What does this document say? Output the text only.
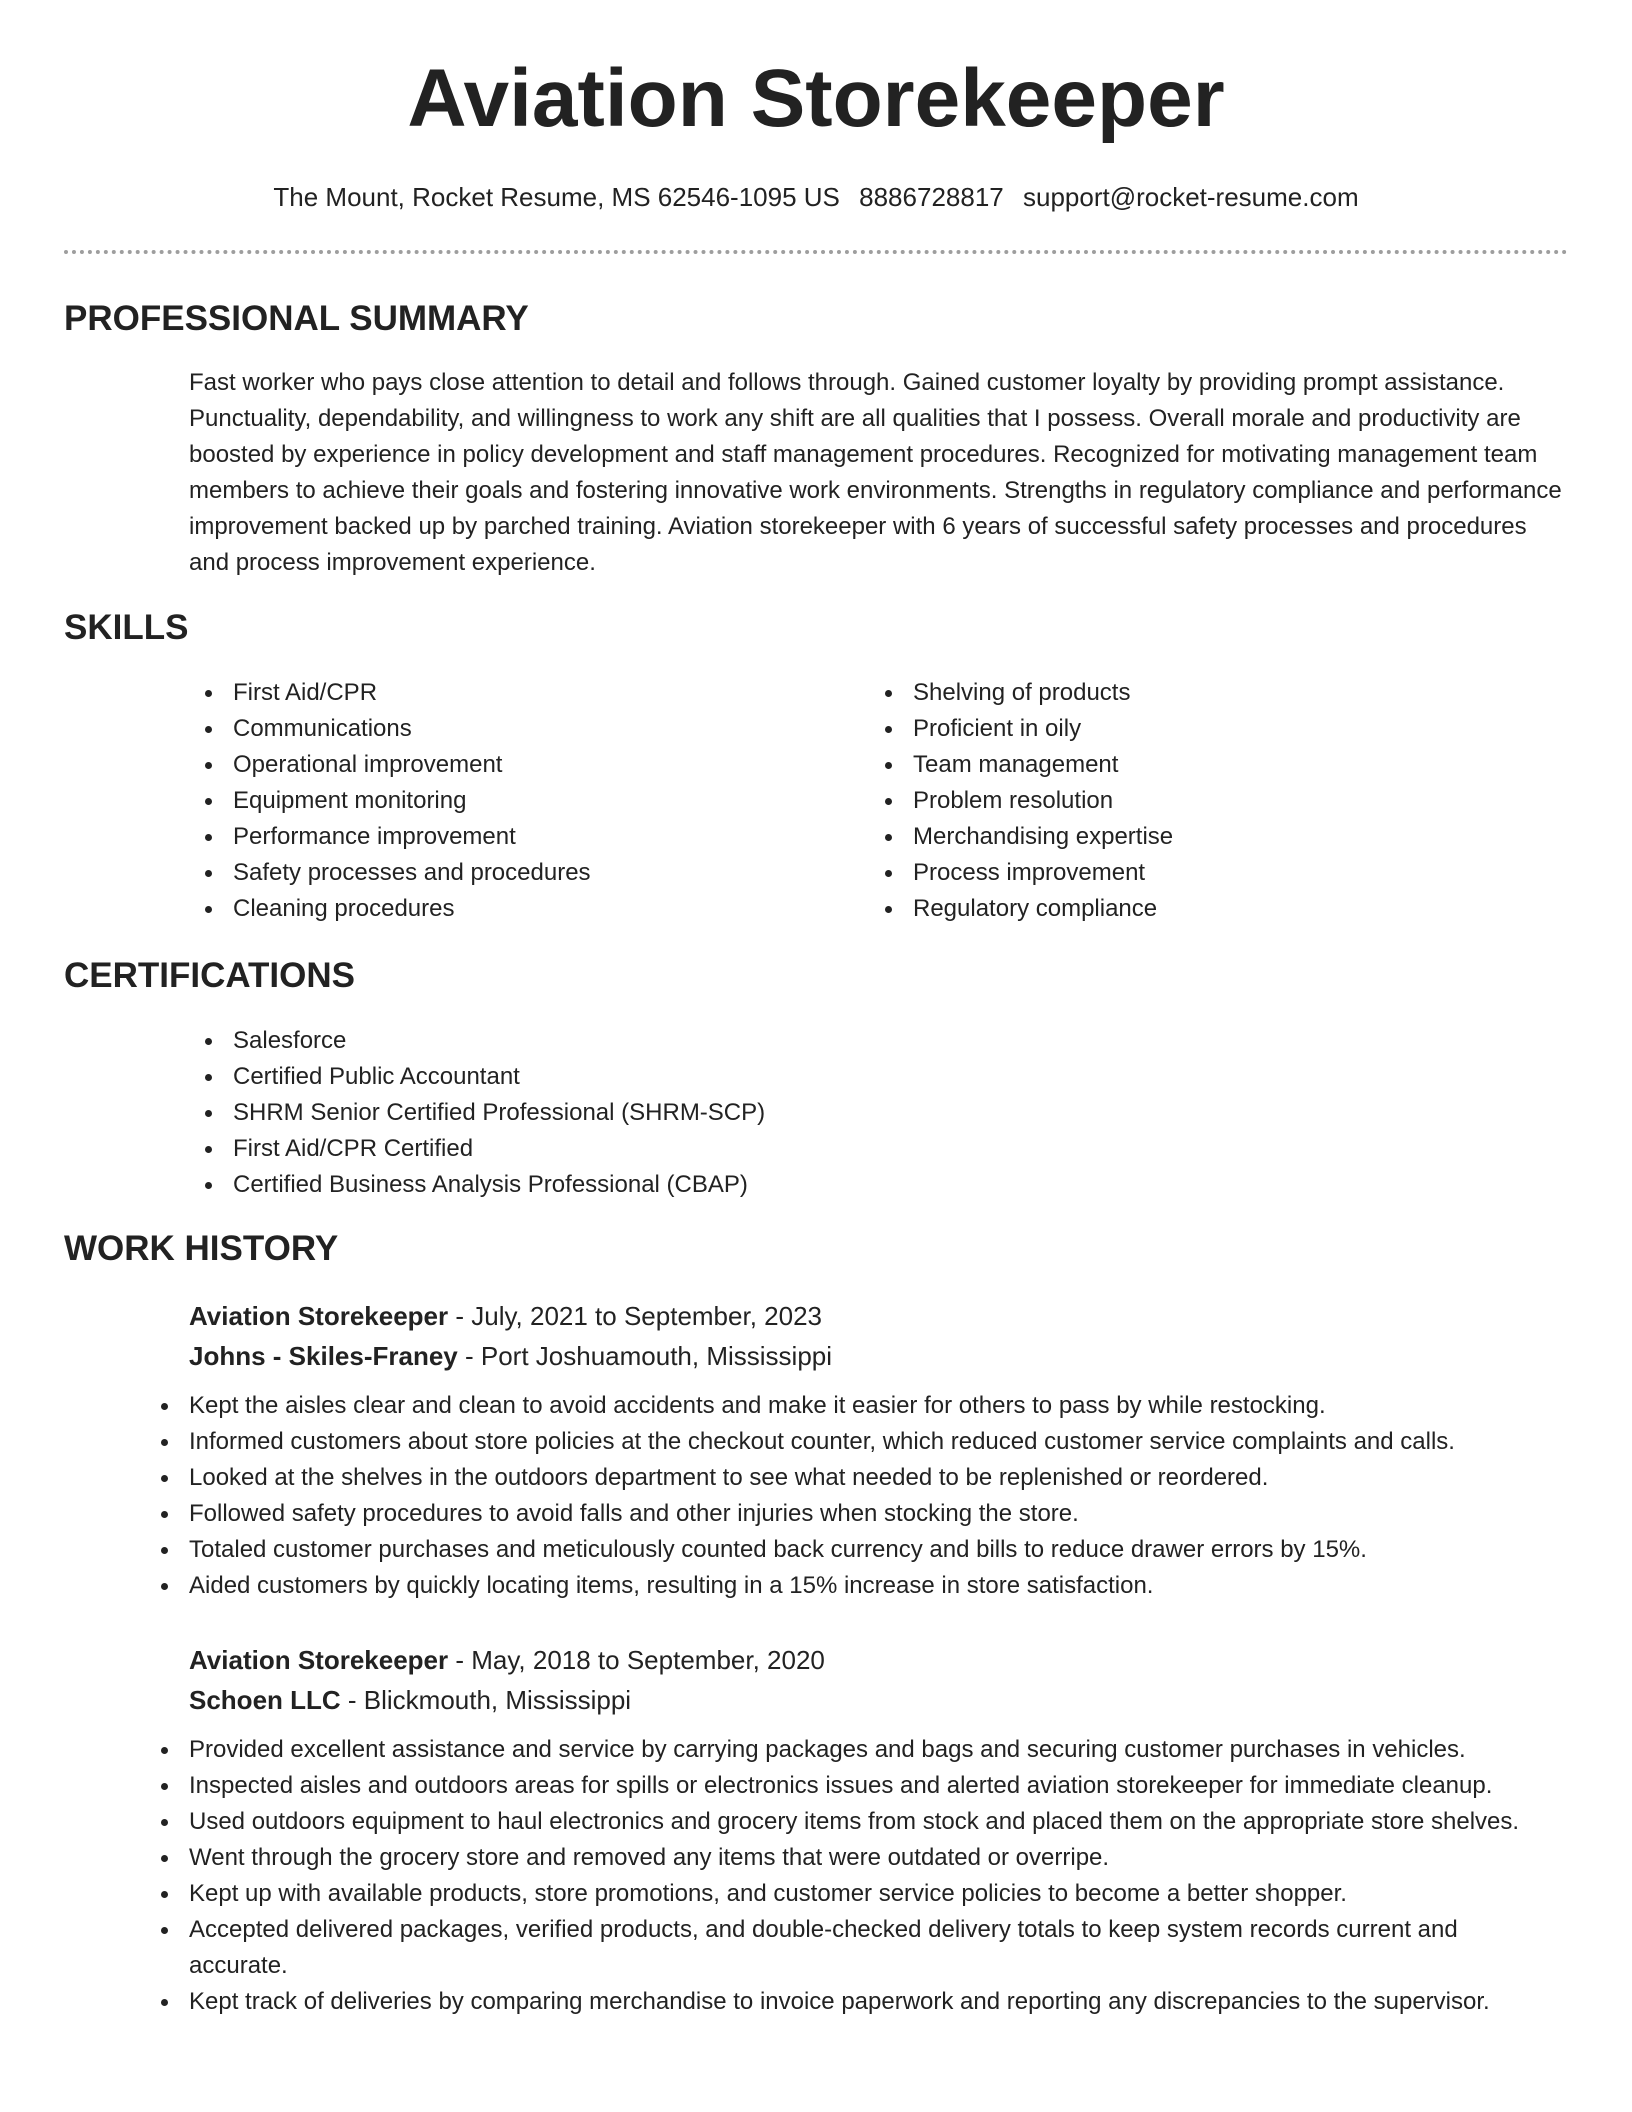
Aviation Storekeeper
The Mount, Rocket Resume, MS 62546-1095 US 8886728817 support@rocket-resume.com
PROFESSIONAL SUMMARY

Fast worker who pays close attention to detail and follows through. Gained customer loyalty by providing prompt assistance. Punctuality, dependability, and willingness to work any shift are all qualities that I possess. Overall morale and productivity are boosted by experience in policy development and staff management procedures. Recognized for motivating management team members to achieve their goals and fostering innovative work environments. Strengths in regulatory compliance and performance improvement backed up by parched training. Aviation storekeeper with 6 years of successful safety processes and procedures and process improvement experience.

SKILLS
First Aid/CPR
Communications
Operational improvement
Equipment monitoring
Performance improvement
Safety processes and procedures
Cleaning procedures
Shelving of products
Proficient in oily
Team management
Problem resolution
Merchandising expertise
Process improvement
Regulatory compliance
CERTIFICATIONS
Salesforce
Certified Public Accountant
SHRM Senior Certified Professional (SHRM-SCP)
First Aid/CPR Certified
Certified Business Analysis Professional (CBAP)
WORK HISTORY
Aviation Storekeeper - July, 2021 to September, 2023
Johns - Skiles-Franey - Port Joshuamouth, Mississippi
Kept the aisles clear and clean to avoid accidents and make it easier for others to pass by while restocking.
Informed customers about store policies at the checkout counter, which reduced customer service complaints and calls.
Looked at the shelves in the outdoors department to see what needed to be replenished or reordered.
Followed safety procedures to avoid falls and other injuries when stocking the store.
Totaled customer purchases and meticulously counted back currency and bills to reduce drawer errors by 15%.
Aided customers by quickly locating items, resulting in a 15% increase in store satisfaction.
Aviation Storekeeper - May, 2018 to September, 2020
Schoen LLC - Blickmouth, Mississippi
Provided excellent assistance and service by carrying packages and bags and securing customer purchases in vehicles.
Inspected aisles and outdoors areas for spills or electronics issues and alerted aviation storekeeper for immediate cleanup.
Used outdoors equipment to haul electronics and grocery items from stock and placed them on the appropriate store shelves.
Went through the grocery store and removed any items that were outdated or overripe.
Kept up with available products, store promotions, and customer service policies to become a better shopper.
Accepted delivered packages, verified products, and double-checked delivery totals to keep system records current and accurate.
Kept track of deliveries by comparing merchandise to invoice paperwork and reporting any discrepancies to the supervisor.
